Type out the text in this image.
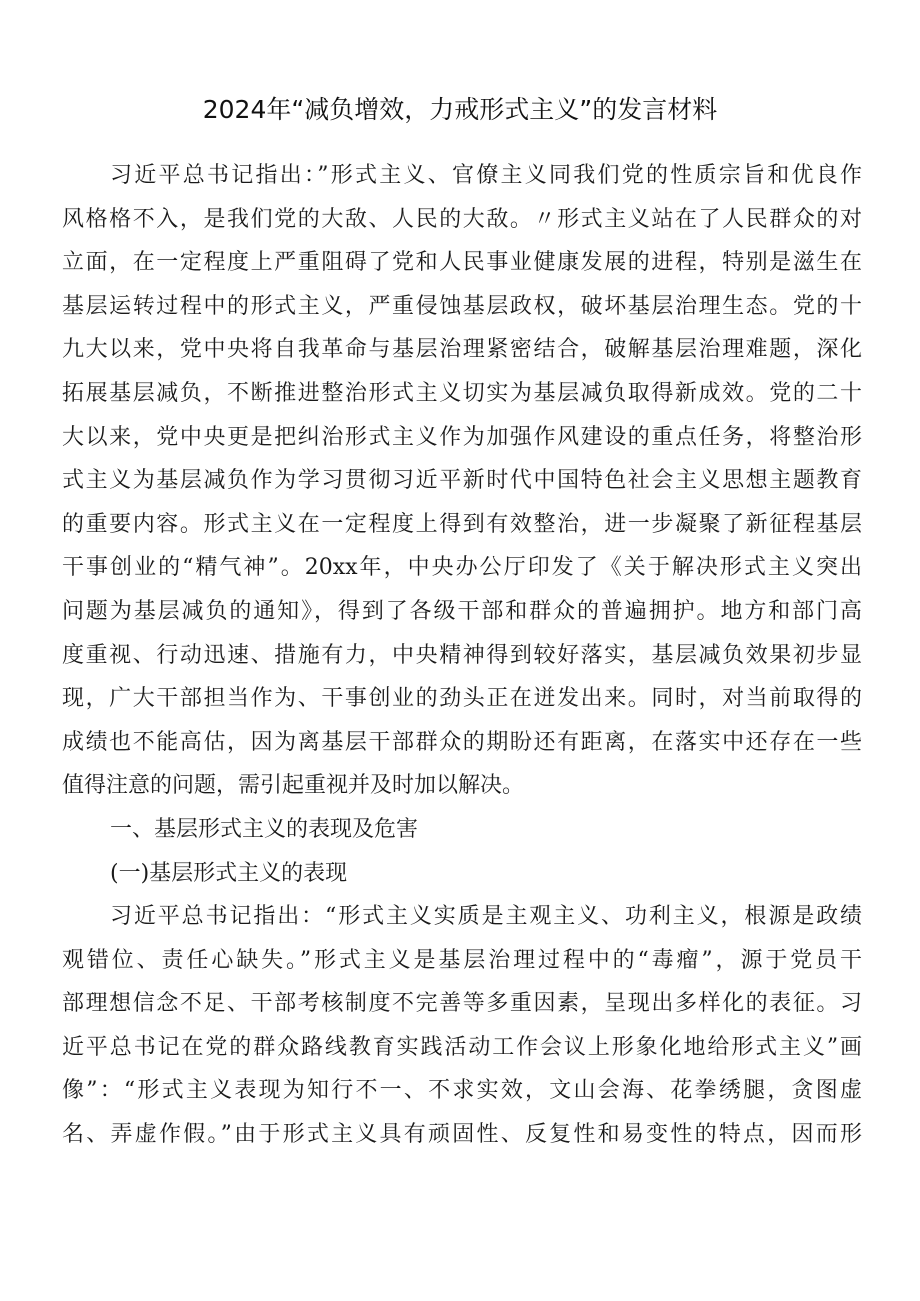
2024年“减负增效，力戒形式主义”的发言材料
习近平总书记指出：”形式主义、官僚主义同我们党的性质宗旨和优良作
风格格不入，是我们党的大敌、人民的大敌。〃形式主义站在了人民群众的对
立面，在一定程度上严重阻碍了党和人民事业健康发展的进程，特别是滋生在
基层运转过程中的形式主义，严重侵蚀基层政权，破坏基层治理生态。党的十
九大以来，党中央将自我革命与基层治理紧密结合，破解基层治理难题，深化
拓展基层减负，不断推进整治形式主义切实为基层减负取得新成效。党的二十
大以来，党中央更是把纠治形式主义作为加强作风建设的重点任务，将整治形
式主义为基层减负作为学习贯彻习近平新时代中国特色社会主义思想主题教育
的重要内容。形式主义在一定程度上得到有效整治，进一步凝聚了新征程基层
干事创业的“精气神”。20xx年，中央办公厅印发了《关于解决形式主义突出
问题为基层减负的通知》，得到了各级干部和群众的普遍拥护。地方和部门高
度重视、行动迅速、措施有力，中央精神得到较好落实，基层减负效果初步显
现，广大干部担当作为、干事创业的劲头正在迸发出来。同时，对当前取得的
成绩也不能高估，因为离基层干部群众的期盼还有距离，在落实中还存在一些
值得注意的问题，需引起重视并及时加以解决。
一、基层形式主义的表现及危害
(一)基层形式主义的表现
习近平总书记指出：“形式主义实质是主观主义、功利主义，根源是政绩
观错位、责任心缺失。”形式主义是基层治理过程中的“毒瘤”，源于党员干
部理想信念不足、干部考核制度不完善等多重因素，呈现出多样化的表征。习
近平总书记在党的群众路线教育实践活动工作会议上形象化地给形式主义”画
像”：“形式主义表现为知行不一、不求实效，文山会海、花拳绣腿，贪图虚
名、弄虚作假。”由于形式主义具有顽固性、反复性和易变性的特点，因而形
